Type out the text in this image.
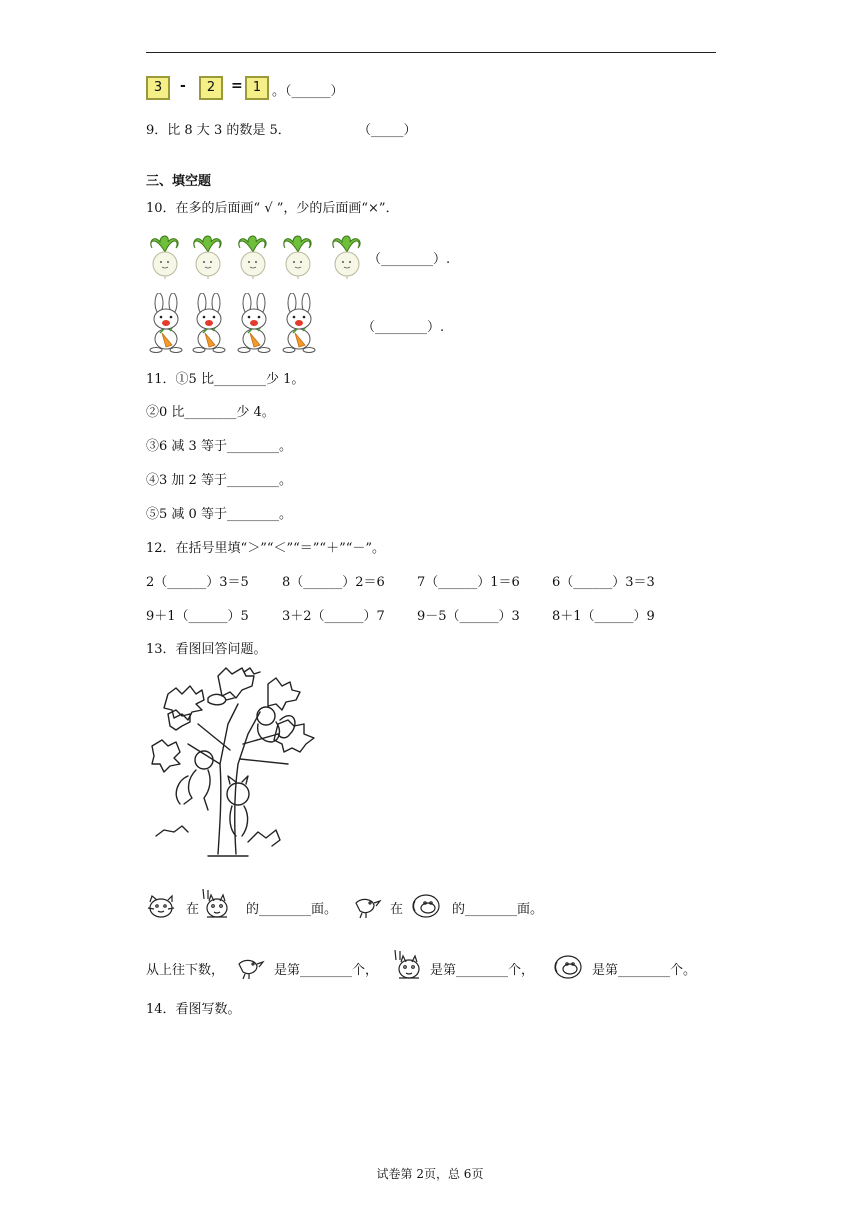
3	-	2	= 1 。（______）
9．比 8 大 3 的数是 5．	（_____）
三、填空题
10．在多的后面画“ √ ”，少的后面画“×”．
（________）.
（________）.
11．①5 比________少 1。
②0 比________少 4。
③6 减 3 等于________。
④3 加 2 等于________。
⑤5 减 0 等于________。
12．在括号里填“＞”“＜”“＝”“＋”“－”。
2（______）3＝5	8（______）2＝6 7（______）1＝6 6（______）3＝3
9＋1（______）5	3＋2（______）7 9－5（______）3 8＋1（______）9
13．看图回答问题。
在	的________面。	在	的________面。
从上往下数，	是第________个，	是第________个，	是第________个。
14．看图写数。
试卷第 2页，总 6页
